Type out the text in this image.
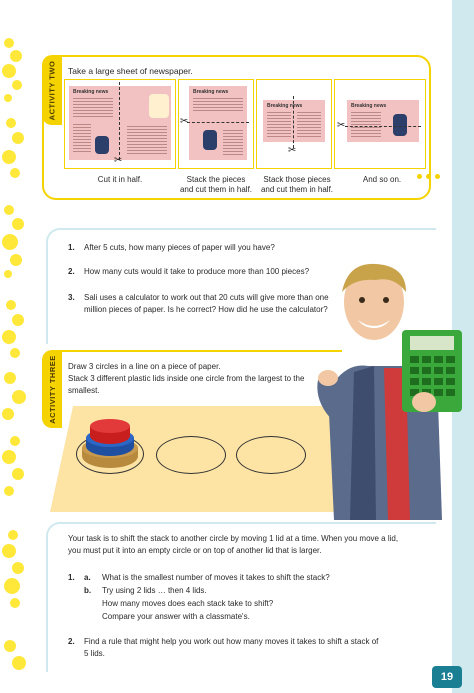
ACTIVITY TWO Take a large sheet of newspaper.
Breaking news
✂
Breaking news
✂
Breaking news
✂
Breaking news
✂
Cut it in half.	Stack the pieces
and cut them in half.
Stack those pieces
and cut them in half.
And so on.
1. After 5 cuts, how many pieces of paper will you have?
2. How many cuts would it take to produce more than 100 pieces?
3. Sali uses a calculator to work out that 20 cuts will give more than one million pieces of paper. Is he correct? How did he use the calculator?
ACTIVITY THREE Draw 3 circles in a line on a piece of paper.
Stack 3 different plastic lids inside one circle from the largest to the smallest.
Your task is to shift the stack to another circle by moving 1 lid at a time. When you move a lid, you must put it into an empty circle or on top of another lid that is larger.
1. a. What is the smallest number of moves it takes to shift the stack?
b. Try using 2 lids … then 4 lids.
How many moves does each stack take to shift?
Compare your answer with a classmate's.
2. Find a rule that might help you work out how many moves it takes to shift a stack of 5 lids.
19
